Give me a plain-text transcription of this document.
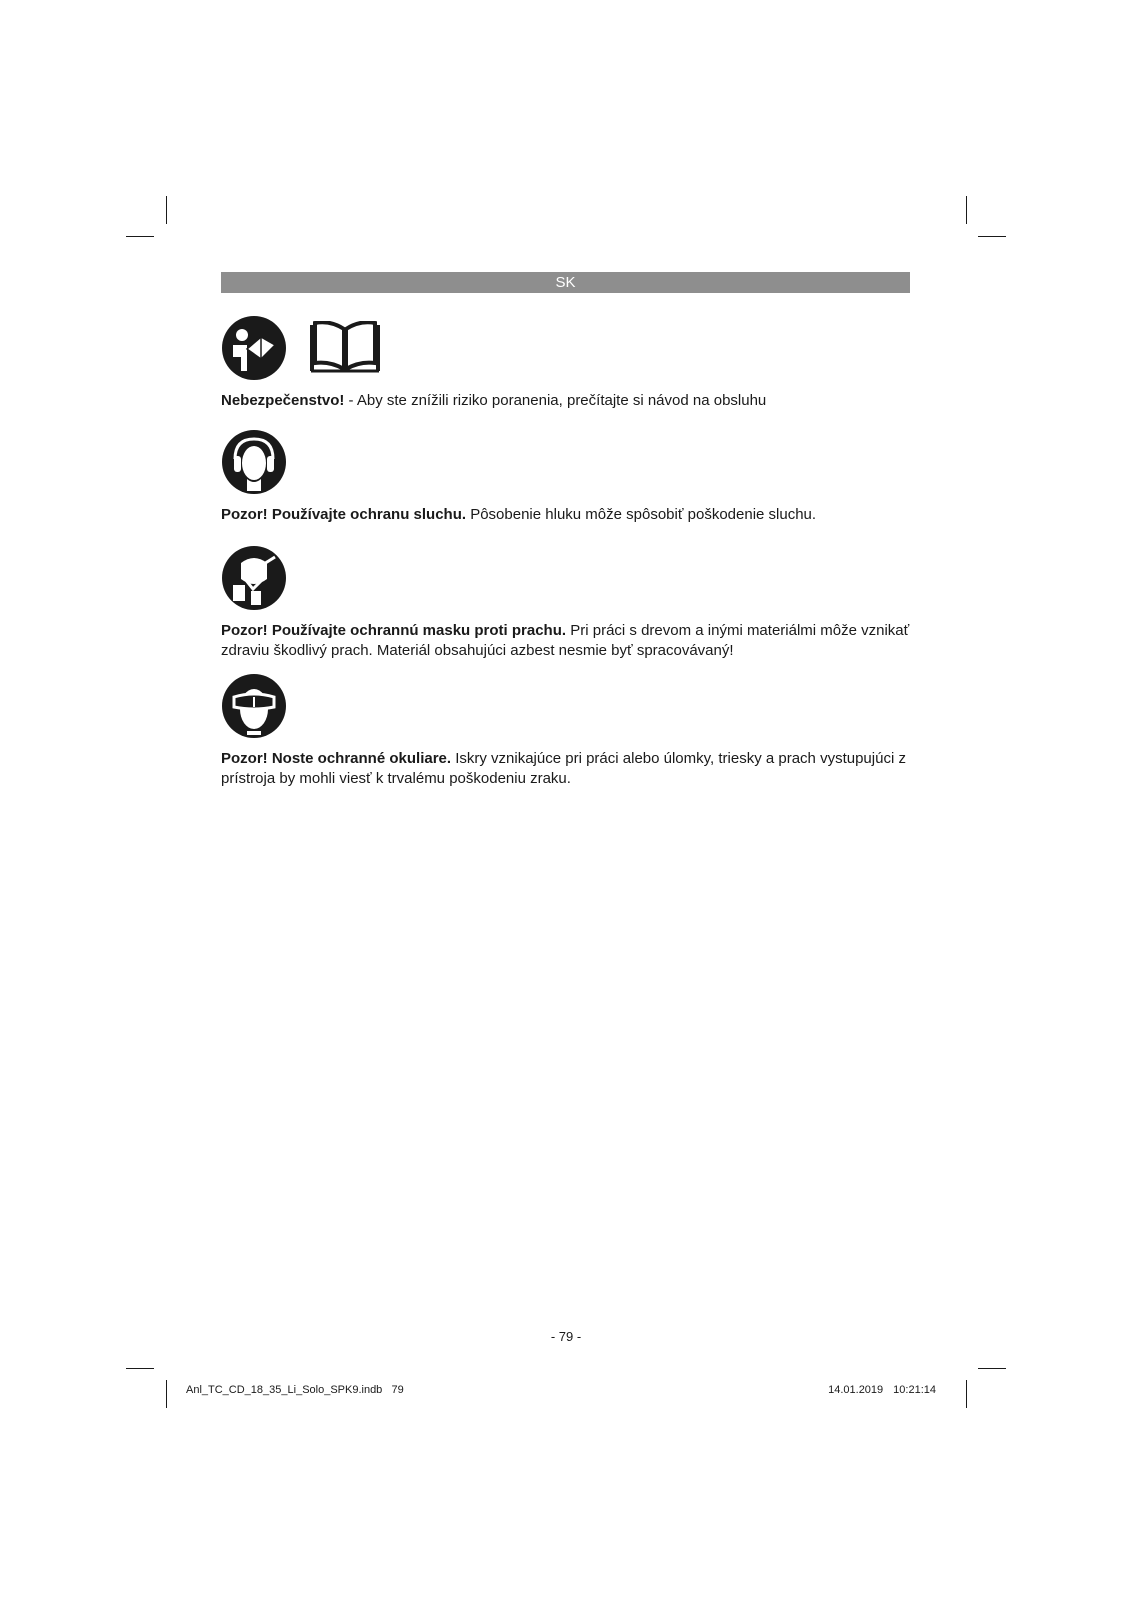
SK

Nebezpečenstvo! - Aby ste znížili riziko poranenia, prečítajte si návod na obsluhu

Pozor! Používajte ochranu sluchu. Pôsobenie hluku môže spôsobiť poškodenie sluchu.

Pozor! Používajte ochrannú masku proti prachu. Pri práci s drevom a inými materiálmi môže vznikať zdraviu škodlivý prach. Materiál obsahujúci azbest nesmie byť spracovávaný!

Pozor! Noste ochranné okuliare. Iskry vznikajúce pri práci alebo úlomky, triesky a prach vystupujúci z prístroja by mohli viesť k trvalému poškodeniu zraku.

- 79 -
Anl_TC_CD_18_35_Li_Solo_SPK9.indb   79	14.01.2019 10:21:14
